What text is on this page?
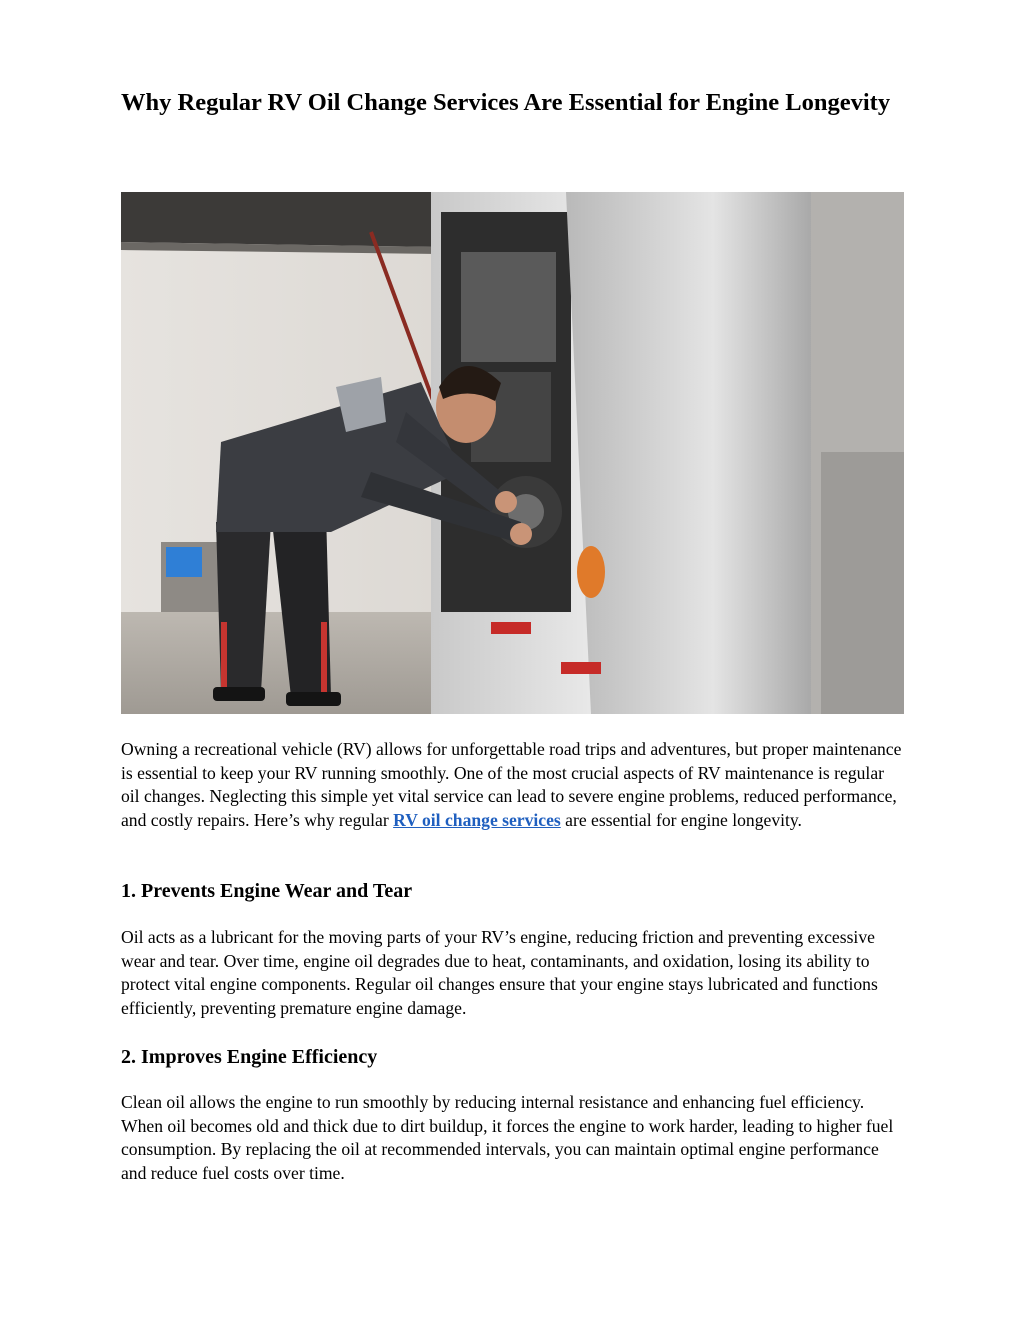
Why Regular RV Oil Change Services Are Essential for Engine Longevity

Owning a recreational vehicle (RV) allows for unforgettable road trips and adventures, but proper maintenance is essential to keep your RV running smoothly. One of the most crucial aspects of RV maintenance is regular oil changes. Neglecting this simple yet vital service can lead to severe engine problems, reduced performance, and costly repairs. Here’s why regular RV oil change services are essential for engine longevity.

1. Prevents Engine Wear and Tear

Oil acts as a lubricant for the moving parts of your RV’s engine, reducing friction and preventing excessive wear and tear. Over time, engine oil degrades due to heat, contaminants, and oxidation, losing its ability to protect vital engine components. Regular oil changes ensure that your engine stays lubricated and functions efficiently, preventing premature engine damage.

2. Improves Engine Efficiency

Clean oil allows the engine to run smoothly by reducing internal resistance and enhancing fuel efficiency. When oil becomes old and thick due to dirt buildup, it forces the engine to work harder, leading to higher fuel consumption. By replacing the oil at recommended intervals, you can maintain optimal engine performance and reduce fuel costs over time.
